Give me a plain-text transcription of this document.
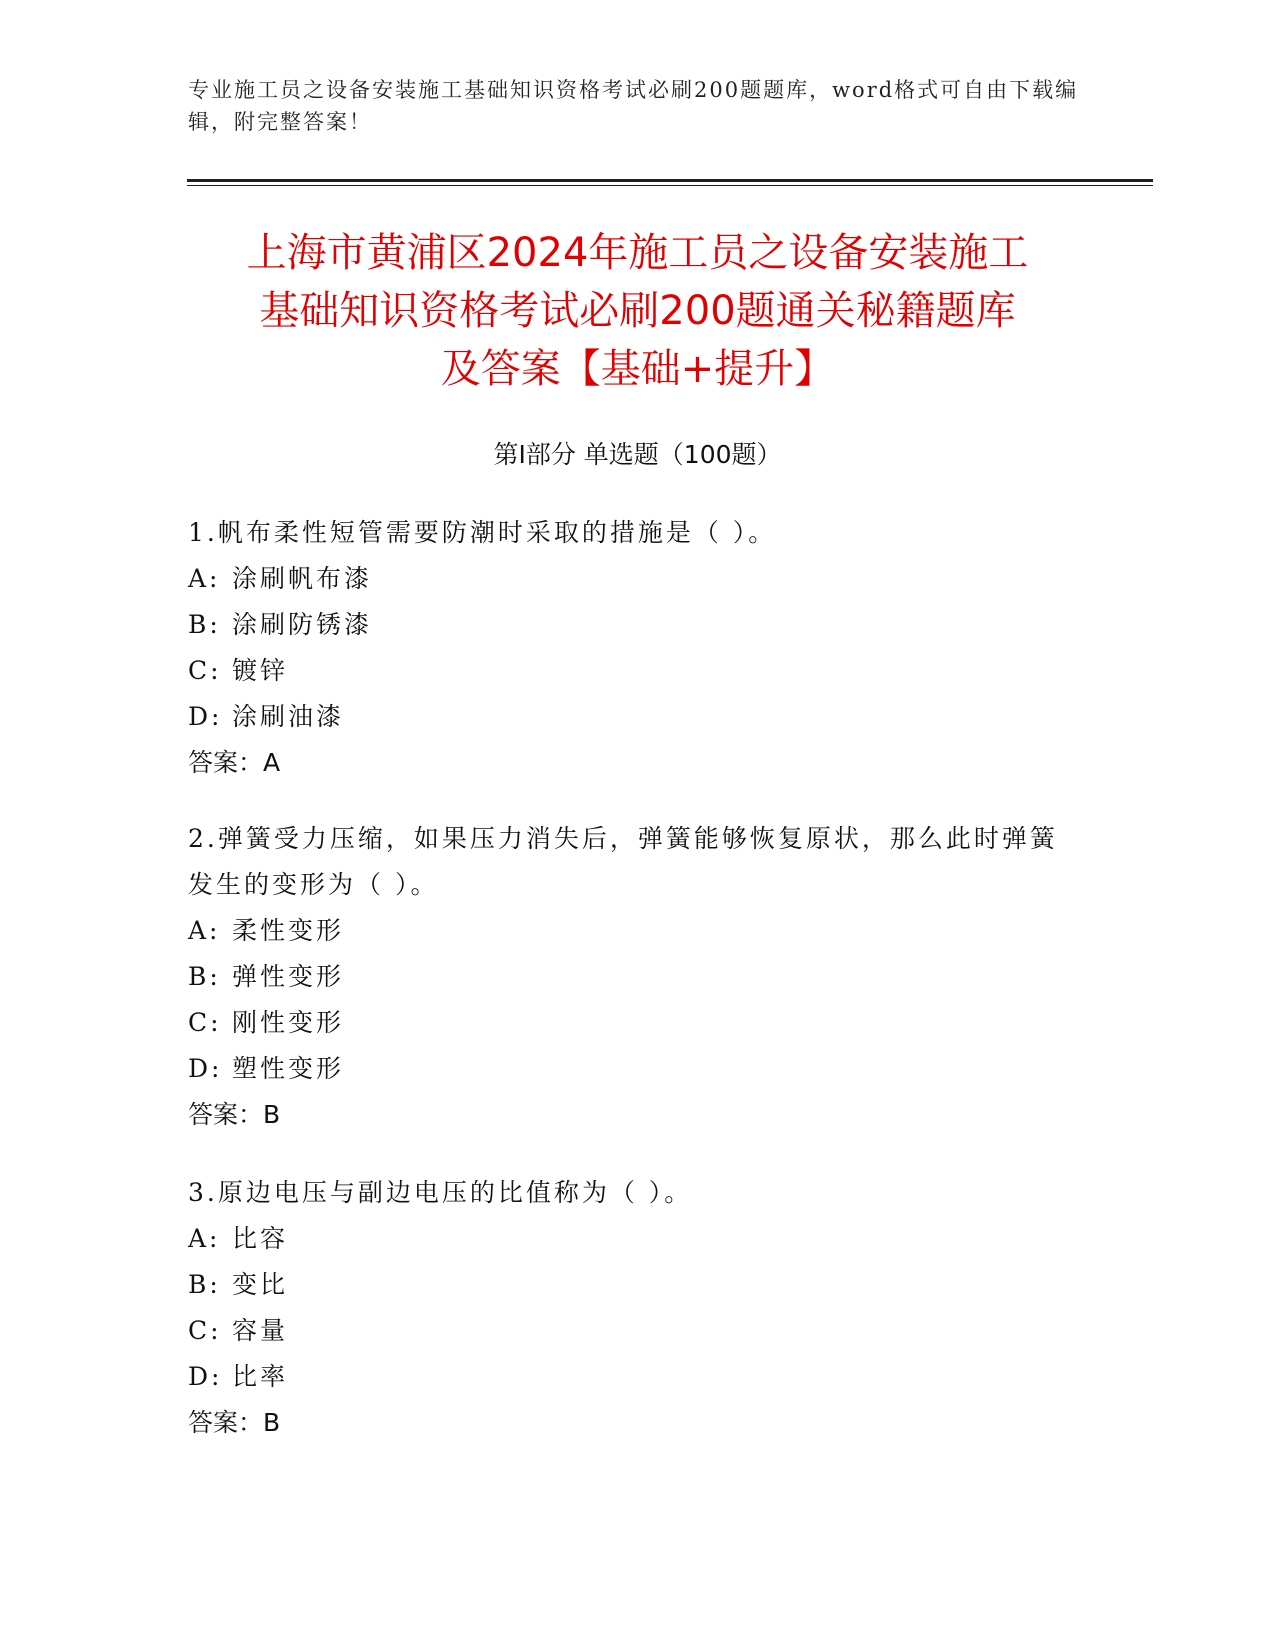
专业施工员之设备安装施工基础知识资格考试必刷200题题库，word格式可自由下载编辑，附完整答案！
上海市黄浦区2024年施工员之设备安装施工
基础知识资格考试必刷200题通关秘籍题库
及答案【基础+提升】
第Ⅰ部分 单选题（100题）
1.帆布柔性短管需要防潮时采取的措施是（ ）。
A: 涂刷帆布漆
B: 涂刷防锈漆
C: 镀锌
D: 涂刷油漆
答案：A
2.弹簧受力压缩，如果压力消失后，弹簧能够恢复原状，那么此时弹簧发生的变形为（ ）。
A: 柔性变形
B: 弹性变形
C: 刚性变形
D: 塑性变形
答案：B
3.原边电压与副边电压的比值称为（ ）。
A: 比容
B: 变比
C: 容量
D: 比率
答案：B
